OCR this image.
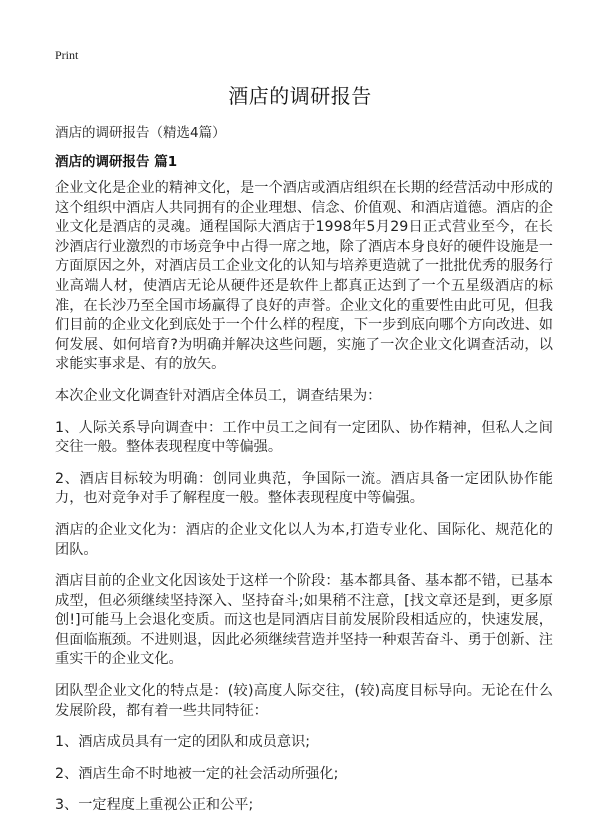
Print
酒店的调研报告

酒店的调研报告（精选4篇）

酒店的调研报告 篇1

企业文化是企业的精神文化，是一个酒店或酒店组织在长期的经营活动中形成的这个组织中酒店人共同拥有的企业理想、信念、价值观、和酒店道德。酒店的企业文化是酒店的灵魂。通程国际大酒店于1998年5月29日正式营业至今，在长沙酒店行业激烈的市场竞争中占得一席之地，除了酒店本身良好的硬件设施是一方面原因之外，对酒店员工企业文化的认知与培养更造就了一批批优秀的服务行业高端人材，使酒店无论从硬件还是软件上都真正达到了一个五星级酒店的标准，在长沙乃至全国市场赢得了良好的声誉。企业文化的重要性由此可见，但我们目前的企业文化到底处于一个什么样的程度，下一步到底向哪个方向改进、如何发展、如何培育?为明确并解决这些问题，实施了一次企业文化调查活动，以求能实事求是、有的放矢。

本次企业文化调查针对酒店全体员工，调查结果为：

1、人际关系导向调查中：工作中员工之间有一定团队、协作精神，但私人之间交往一般。整体表现程度中等偏强。

2、酒店目标较为明确：创同业典范，争国际一流。酒店具备一定团队协作能力，也对竞争对手了解程度一般。整体表现程度中等偏强。

酒店的企业文化为：酒店的企业文化以人为本,打造专业化、国际化、规范化的团队。

酒店目前的企业文化因该处于这样一个阶段：基本都具备、基本都不错，已基本成型，但必须继续坚持深入、坚持奋斗;如果稍不注意，[找文章还是到，更多原创!]可能马上会退化变质。而这也是同酒店目前发展阶段相适应的，快速发展，但面临瓶颈。不进则退，因此必须继续营造并坚持一种艰苦奋斗、勇于创新、注重实干的企业文化。

团队型企业文化的特点是：(较)高度人际交往，(较)高度目标导向。无论在什么发展阶段，都有着一些共同特征：

1、酒店成员具有一定的团队和成员意识;

2、酒店生命不时地被一定的社会活动所强化;

3、一定程度上重视公正和公平;
